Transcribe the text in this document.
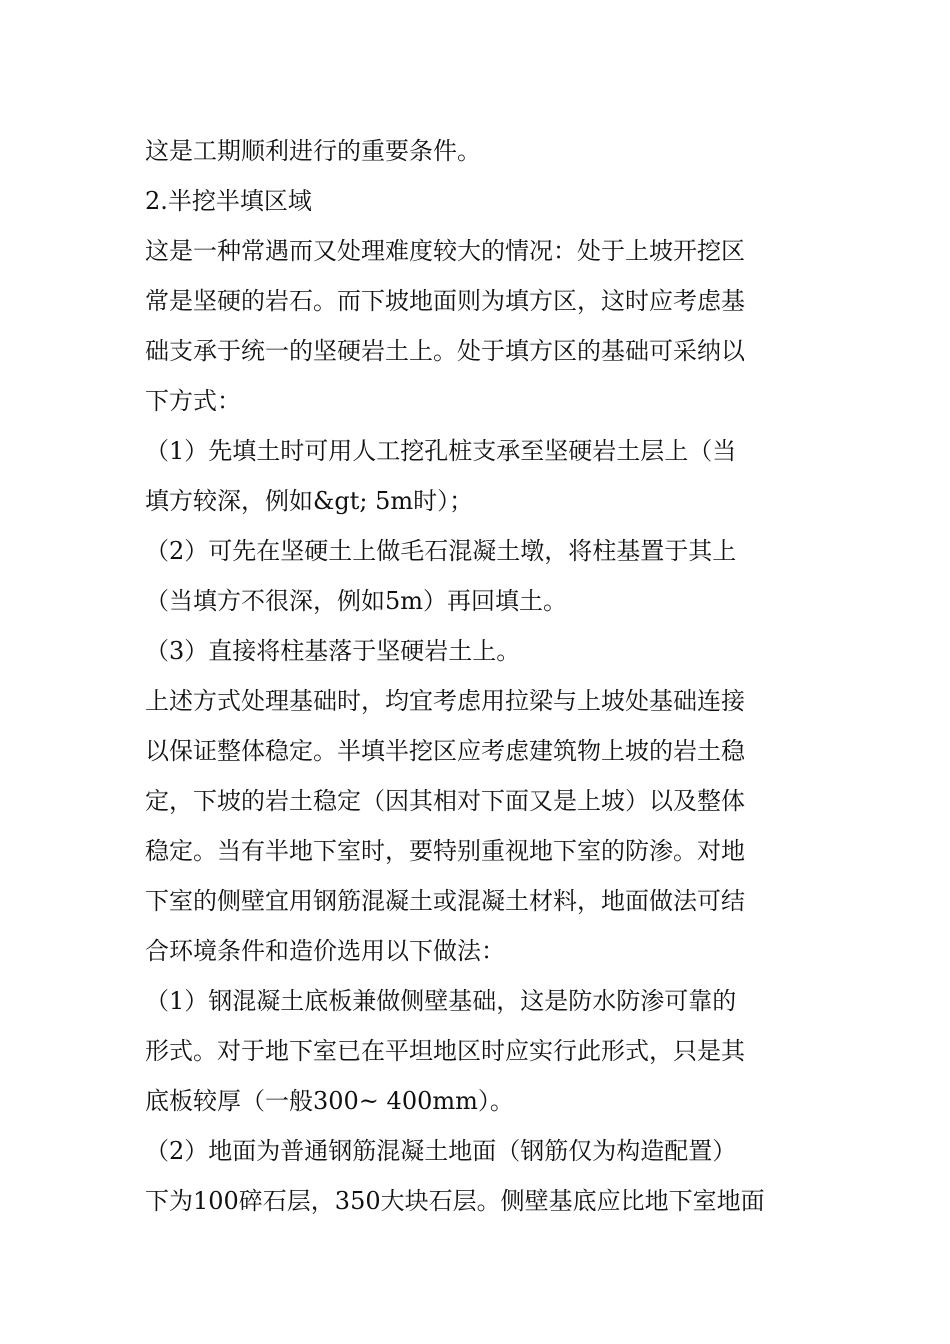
这是工期顺利进行的重要条件。
2.半挖半填区域
这是一种常遇而又处理难度较大的情况：处于上坡开挖区
常是坚硬的岩石。而下坡地面则为填方区，这时应考虑基
础支承于统一的坚硬岩土上。处于填方区的基础可采纳以
下方式：
（1）先填土时可用人工挖孔桩支承至坚硬岩土层上（当
填方较深，例如&gt; 5m时）；
（2）可先在坚硬土上做毛石混凝土墩，将柱基置于其上
（当填方不很深，例如5m）再回填土。
（3）直接将柱基落于坚硬岩土上。
上述方式处理基础时，均宜考虑用拉梁与上坡处基础连接
以保证整体稳定。半填半挖区应考虑建筑物上坡的岩土稳
定，下坡的岩土稳定（因其相对下面又是上坡）以及整体
稳定。当有半地下室时，要特别重视地下室的防渗。对地
下室的侧壁宜用钢筋混凝土或混凝土材料，地面做法可结
合环境条件和造价选用以下做法：
（1）钢混凝土底板兼做侧壁基础，这是防水防渗可靠的
形式。对于地下室已在平坦地区时应实行此形式，只是其
底板较厚（一般300~ 400mm）。
（2）地面为普通钢筋混凝土地面（钢筋仅为构造配置）
下为100碎石层，350大块石层。侧壁基底应比地下室地面
